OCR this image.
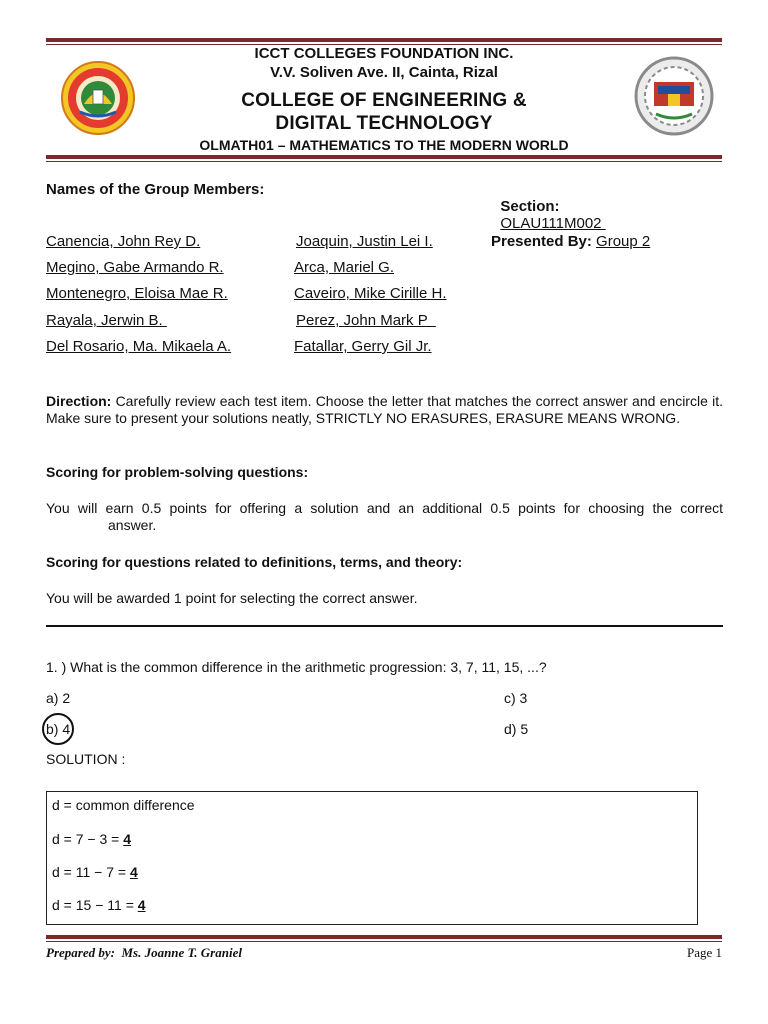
ICCT COLLEGES FOUNDATION INC.
V.V. Soliven Ave. II, Cainta, Rizal
COLLEGE OF ENGINEERING &
DIGITAL TECHNOLOGY
OLMATH01 – MATHEMATICS TO THE MODERN WORLD
Names of the Group Members:

Section:
OLAU111M002

Canencia, John Rey D.
Megino, Gabe Armando R.
Montenegro, Eloisa Mae R.
Rayala, Jerwin B.
Del Rosario, Ma. Mikaela A.
Joaquin, Justin Lei I.
Arca, Mariel G.
Caveiro, Mike Cirille H.
Perez, John Mark P
Fatallar, Gerry Gil Jr.
Presented By: Group 2
Direction: Carefully review each test item. Choose the letter that matches the correct answer and encircle it. Make sure to present your solutions neatly, STRICTLY NO ERASURES, ERASURE MEANS WRONG.
Scoring for problem-solving questions:
You will earn 0.5 points for offering a solution and an additional 0.5 points for choosing the correct
answer.
Scoring for questions related to definitions, terms, and theory:
You will be awarded 1 point for selecting the correct answer.
1. ) What is the common difference in the arithmetic progression: 3, 7, 11, 15, ...?
a) 2
b) 4
c) 3
d) 5
SOLUTION :
d = common difference
d = 7 − 3 = 4
d = 11 − 7 = 4
d = 15 − 11 = 4
Prepared by:  Ms. Joanne T. Graniel	Page 1
